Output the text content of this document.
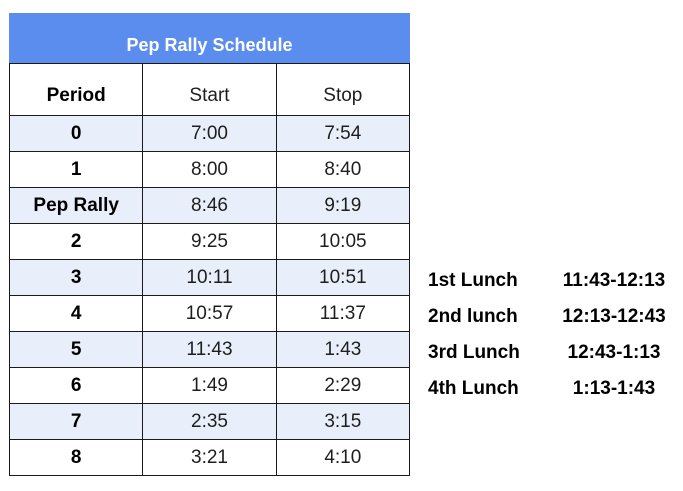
Pep Rally Schedule		
Period	Start	Stop
0	7:00	7:54
1	8:00	8:40
Pep Rally	8:46	9:19
2	9:25	10:05
3	10:11	10:51
4	10:57	11:37
5	11:43	1:43
6	1:49	2:29
7	2:35	3:15
8	3:21	4:10
1st Lunch	11:43-12:13
2nd lunch	12:13-12:43
3rd Lunch	12:43-1:13
4th Lunch	1:13-1:43
